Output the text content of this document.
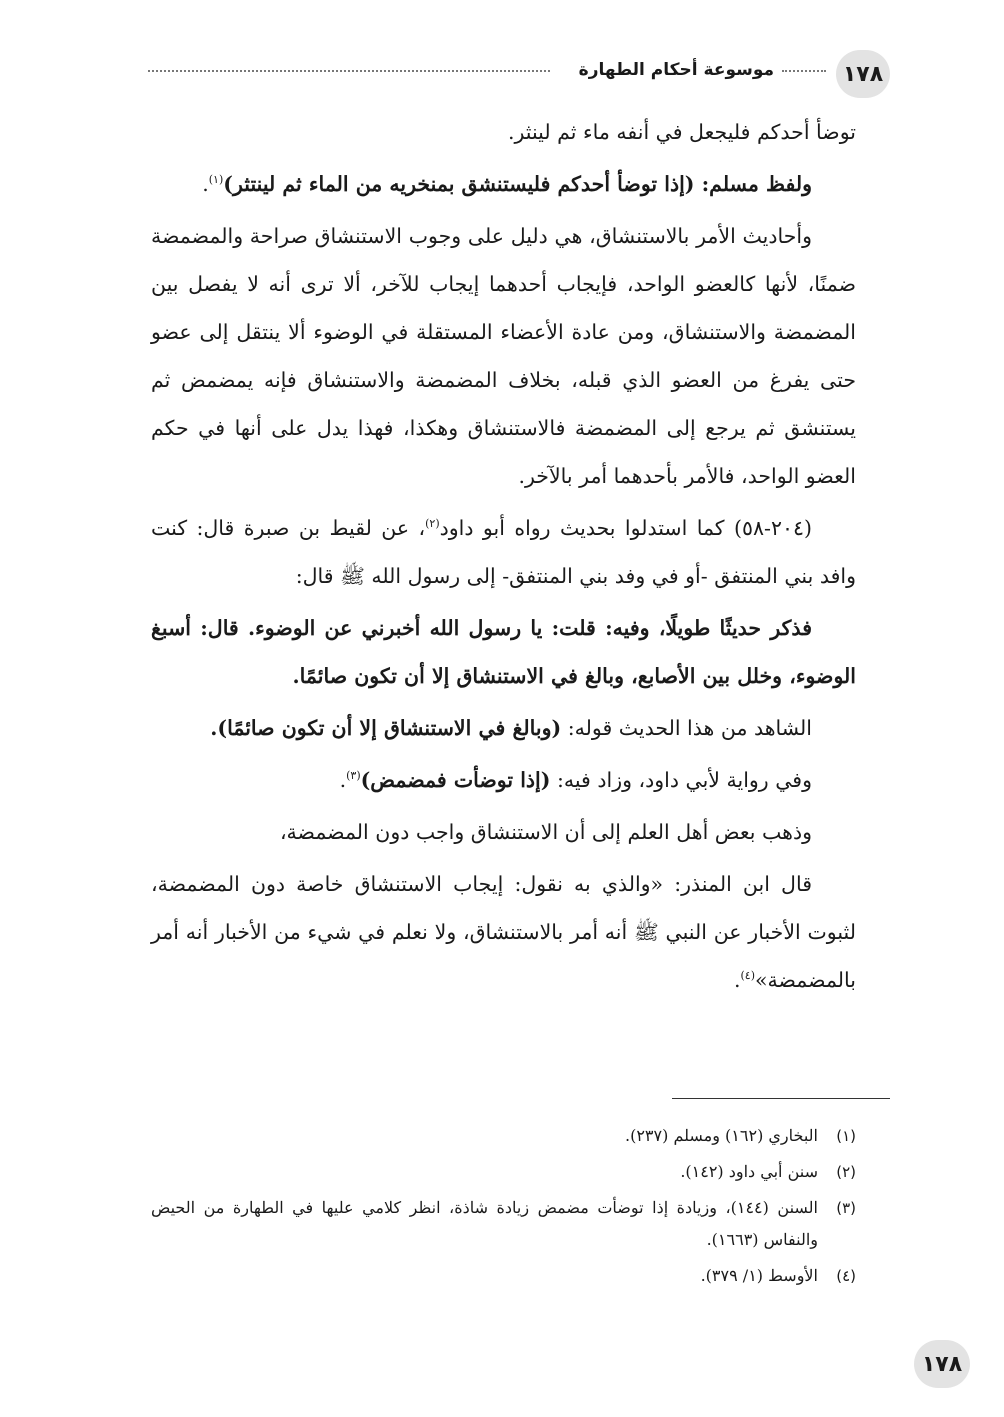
١٧٨
موسوعة أحكام الطهارة

توضأ أحدكم فليجعل في أنفه ماء ثم لينثر.

ولفظ مسلم: (إذا توضأ أحدكم فليستنشق بمنخريه من الماء ثم لينتثر)$^{(١)}$.

وأحاديث الأمر بالاستنشاق، هي دليل على وجوب الاستنشاق صراحة والمضمضة ضمنًا، لأنها كالعضو الواحد، فإيجاب أحدهما إيجاب للآخر، ألا ترى أنه لا يفصل بين المضمضة والاستنشاق، ومن عادة الأعضاء المستقلة في الوضوء ألا ينتقل إلى عضو حتى يفرغ من العضو الذي قبله، بخلاف المضمضة والاستنشاق فإنه يمضمض ثم يستنشق ثم يرجع إلى المضمضة فالاستنشاق وهكذا، فهذا يدل على أنها في حكم العضو الواحد، فالأمر بأحدهما أمر بالآخر.

(٢٠٤-٥٨) كما استدلوا بحديث رواه أبو داود$^{(٢)}$، عن لقيط بن صبرة قال: كنت وافد بني المنتفق -أو في وفد بني المنتفق- إلى رسول الله ﷺ قال:

فذكر حديثًا طويلًا، وفيه: قلت: يا رسول الله أخبرني عن الوضوء. قال: أسبغ الوضوء، وخلل بين الأصابع، وبالغ في الاستنشاق إلا أن تكون صائمًا.

الشاهد من هذا الحديث قوله: (وبالغ في الاستنشاق إلا أن تكون صائمًا).

وفي رواية لأبي داود، وزاد فيه: (إذا توضأت فمضمض)$^{(٣)}$.

وذهب بعض أهل العلم إلى أن الاستنشاق واجب دون المضمضة،

قال ابن المنذر: «والذي به نقول: إيجاب الاستنشاق خاصة دون المضمضة، لثبوت الأخبار عن النبي ﷺ أنه أمر بالاستنشاق، ولا نعلم في شيء من الأخبار أنه أمر بالمضمضة»$^{(٤)}$.

(١)
البخاري (١٦٢) ومسلم (٢٣٧).
(٢)
سنن أبي داود (١٤٢).
(٣)
السنن (١٤٤)، وزيادة إذا توضأت مضمض زيادة شاذة، انظر كلامي عليها في الطهارة من الحيض والنفاس (١٦٦٣).
(٤)
الأوسط (١/ ٣٧٩).
١٧٨
